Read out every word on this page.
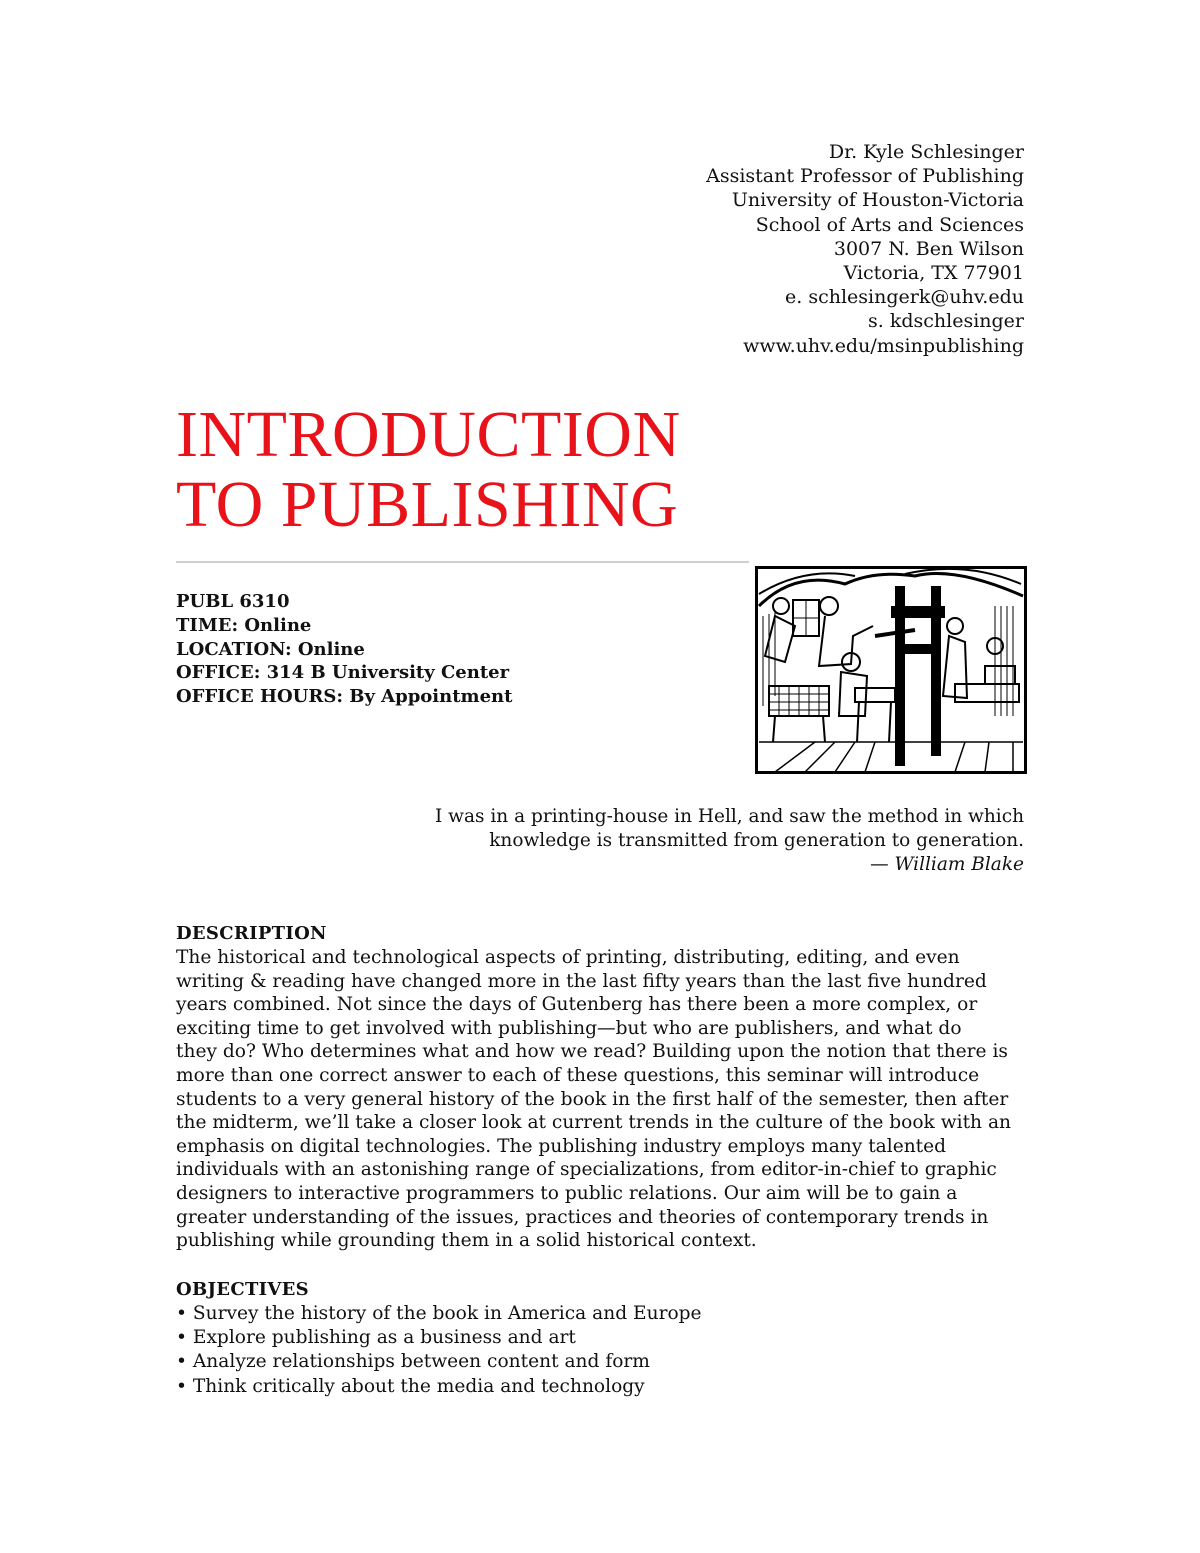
Dr. Kyle Schlesinger
Assistant Professor of Publishing
University of Houston-Victoria
School of Arts and Sciences
3007 N. Ben Wilson
Victoria, TX 77901
e. schlesingerk@uhv.edu
s. kdschlesinger
www.uhv.edu/msinpublishing
INTRODUCTION
TO PUBLISHING
PUBL 6310
TIME: Online
LOCATION: Online
OFFICE: 314 B University Center
OFFICE HOURS: By Appointment
I was in a printing-house in Hell, and saw the method in which
knowledge is transmitted from generation to generation.
— William Blake
DESCRIPTION
The historical and technological aspects of printing, distributing, editing, and even
writing & reading have changed more in the last fifty years than the last five hundred
years combined. Not since the days of Gutenberg has there been a more complex, or
exciting time to get involved with publishing—but who are publishers, and what do
they do? Who determines what and how we read? Building upon the notion that there is
more than one correct answer to each of these questions, this seminar will introduce
students to a very general history of the book in the first half of the semester, then after
the midterm, we’ll take a closer look at current trends in the culture of the book with an
emphasis on digital technologies. The publishing industry employs many talented
individuals with an astonishing range of specializations, from editor-in-chief to graphic
designers to interactive programmers to public relations. Our aim will be to gain a
greater understanding of the issues, practices and theories of contemporary trends in
publishing while grounding them in a solid historical context.
OBJECTIVES
• Survey the history of the book in America and Europe
• Explore publishing as a business and art
• Analyze relationships between content and form
• Think critically about the media and technology
